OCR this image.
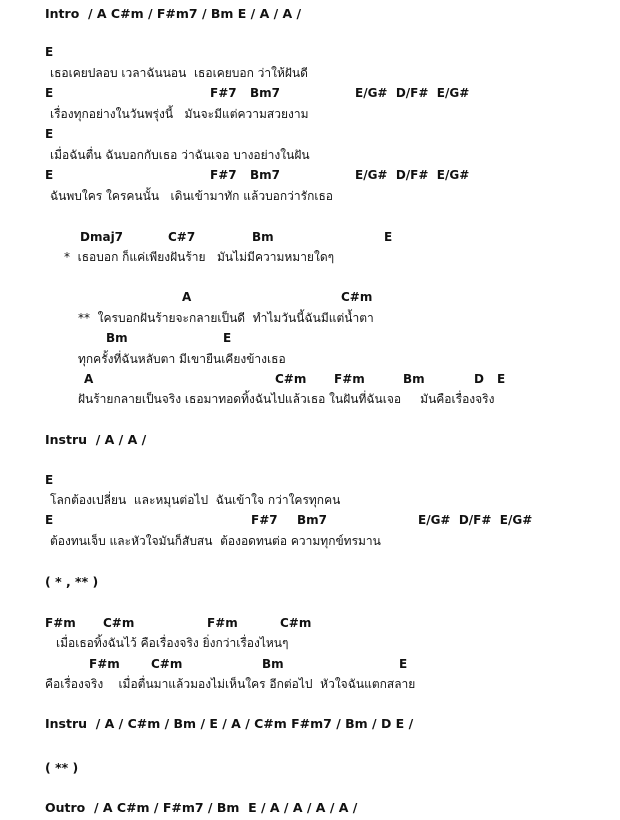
Intro  / A C#m / F#m7 / Bm E / A / A /
E
เธอเคยปลอบ เวลาฉันนอน  เธอเคยบอก ว่าให้ฝันดี
E	F#7 Bm7	E/G#  D/F#  E/G#
เรื่องทุกอย่างในวันพรุ่งนี้   มันจะมีแต่ความสวยงาม
E
เมื่อฉันตื่น ฉันบอกกับเธอ ว่าฉันเจอ บางอย่างในฝัน
E	F#7 Bm7	E/G#  D/F#  E/G#
ฉันพบใคร ใครคนนั้น   เดินเข้ามาทัก แล้วบอกว่ารักเธอ
Dmaj7	C#7	Bm	E
*  เธอบอก ก็แค่เพียงฝันร้าย   มันไม่มีความหมายใดๆ
A	C#m
**  ใครบอกฝันร้ายจะกลายเป็นดี  ทำไมวันนี้ฉันมีแต่น้ำตา
Bm	E
ทุกครั้งที่ฉันหลับตา มีเขายืนเคียงข้างเธอ
A	C#m F#m	Bm	D E
ฝันร้ายกลายเป็นจริง เธอมาทอดทิ้งฉันไปแล้วเธอ ในฝันที่ฉันเจอ     มันคือเรื่องจริง
Instru  / A / A /
E
โลกต้องเปลี่ยน  และหมุนต่อไป  ฉันเข้าใจ กว่าใครทุกคน
E	F#7 Bm7	E/G#  D/F#  E/G#
ต้องทนเจ็บ และหัวใจมันก็สับสน  ต้องอดทนต่อ ความทุกข์ทรมาน
( * , ** )
F#m C#m	F#m	C#m
เมื่อเธอทิ้งฉันไว้ คือเรื่องจริง ยิ่งกว่าเรื่องไหนๆ
F#m	C#m	Bm	E
คือเรื่องจริง    เมื่อตื่นมาแล้วมองไม่เห็นใคร อีกต่อไป  หัวใจฉันแตกสลาย
Instru  / A / C#m / Bm / E / A / C#m F#m7 / Bm / D E /
( ** )
Outro  / A C#m / F#m7 / Bm  E / A / A / A / A /
